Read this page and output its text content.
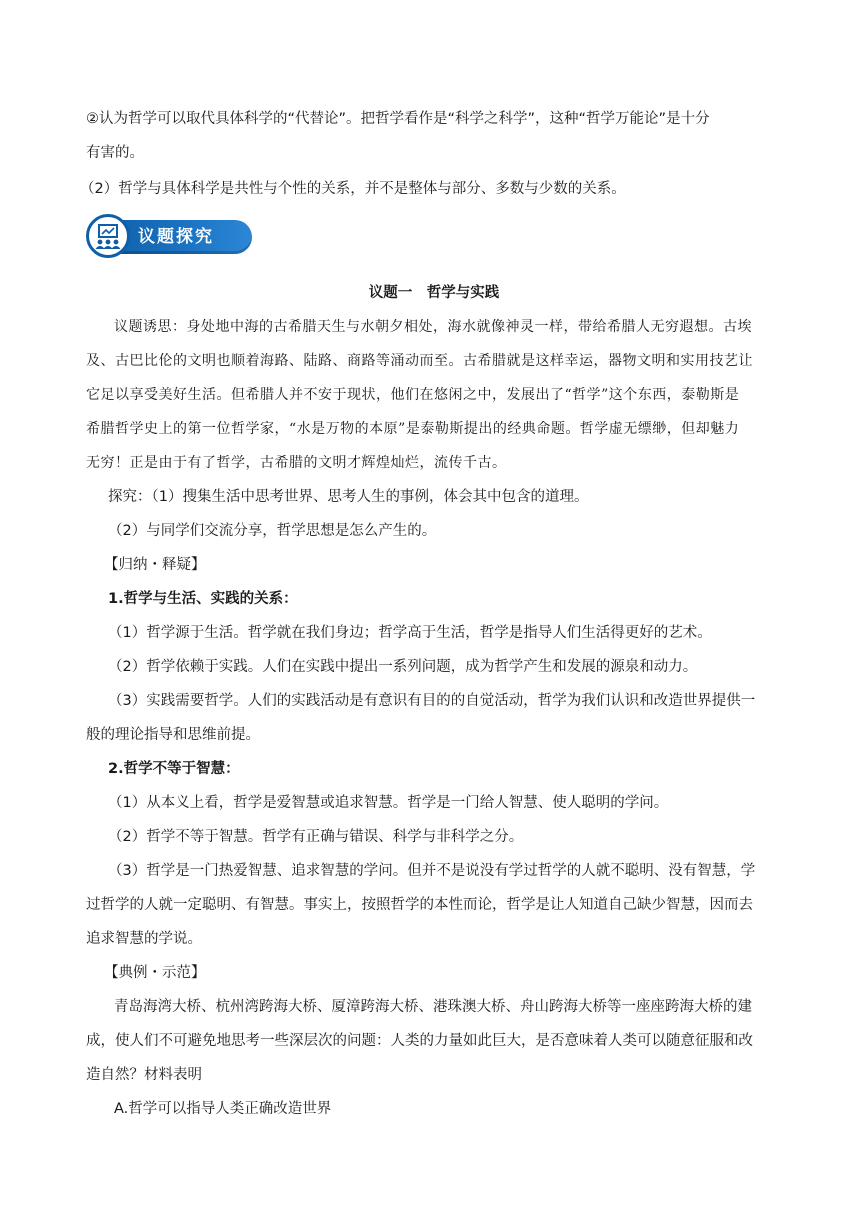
②认为哲学可以取代具体科学的“代替论”。把哲学看作是“科学之科学”，这种“哲学万能论”是十分
有害的。
（2）哲学与具体科学是共性与个性的关系，并不是整体与部分、多数与少数的关系。
议题探究
议题一　哲学与实践
议题诱思：身处地中海的古希腊天生与水朝夕相处，海水就像神灵一样，带给希腊人无穷遐想。古埃
及、古巴比伦的文明也顺着海路、陆路、商路等涌动而至。古希腊就是这样幸运，器物文明和实用技艺让
它足以享受美好生活。但希腊人并不安于现状，他们在悠闲之中，发展出了“哲学”这个东西，泰勒斯是
希腊哲学史上的第一位哲学家，“水是万物的本原”是泰勒斯提出的经典命题。哲学虚无缥缈，但却魅力
无穷！正是由于有了哲学，古希腊的文明才辉煌灿烂，流传千古。
探究：（1）搜集生活中思考世界、思考人生的事例，体会其中包含的道理。
（2）与同学们交流分享，哲学思想是怎么产生的。
【归纳・释疑】
1.哲学与生活、实践的关系：
（1）哲学源于生活。哲学就在我们身边；哲学高于生活，哲学是指导人们生活得更好的艺术。
（2）哲学依赖于实践。人们在实践中提出一系列问题，成为哲学产生和发展的源泉和动力。
（3）实践需要哲学。人们的实践活动是有意识有目的的自觉活动，哲学为我们认识和改造世界提供一
般的理论指导和思维前提。
2.哲学不等于智慧：
（1）从本义上看，哲学是爱智慧或追求智慧。哲学是一门给人智慧、使人聪明的学问。
（2）哲学不等于智慧。哲学有正确与错误、科学与非科学之分。
（3）哲学是一门热爱智慧、追求智慧的学问。但并不是说没有学过哲学的人就不聪明、没有智慧，学
过哲学的人就一定聪明、有智慧。事实上，按照哲学的本性而论，哲学是让人知道自己缺少智慧，因而去
追求智慧的学说。
【典例・示范】
青岛海湾大桥、杭州湾跨海大桥、厦漳跨海大桥、港珠澳大桥、舟山跨海大桥等一座座跨海大桥的建
成，使人们不可避免地思考一些深层次的问题：人类的力量如此巨大，是否意味着人类可以随意征服和改
造自然？材料表明
A.哲学可以指导人类正确改造世界
